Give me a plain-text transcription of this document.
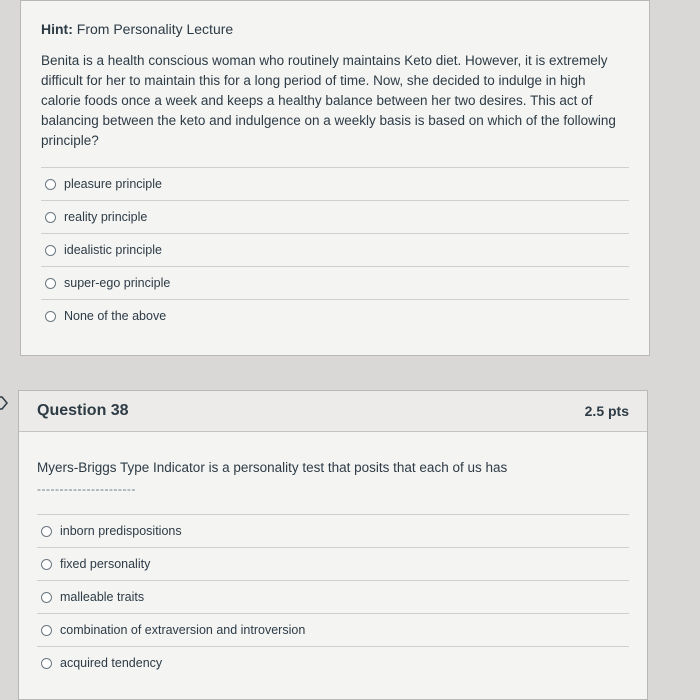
Hint: From Personality Lecture

Benita is a health conscious woman who routinely maintains Keto diet. However, it is extremely difficult for her to maintain this for a long period of time. Now, she decided to indulge in high calorie foods once a week and keeps a healthy balance between her two desires. This act of balancing between the keto and indulgence on a weekly basis is based on which of the following principle?

pleasure principle
reality principle
idealistic principle
super-ego principle
None of the above
Question 38	2.5 pts

Myers-Briggs Type Indicator is a personality test that posits that each of us has

----------------------

inborn predispositions
fixed personality
malleable traits
combination of extraversion and introversion
acquired tendency
